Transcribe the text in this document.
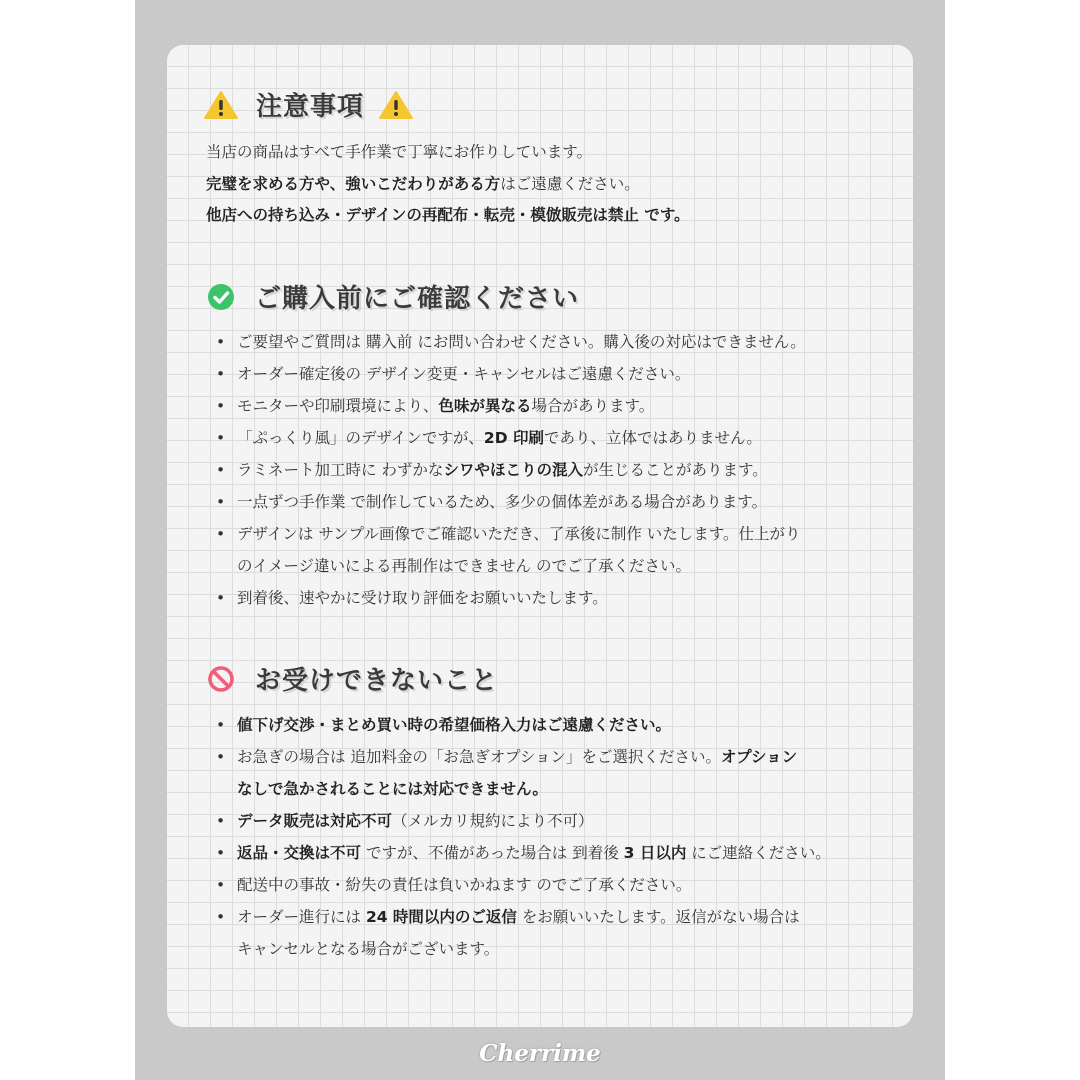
注意事項
当店の商品はすべて手作業で丁寧にお作りしています。
完璧を求める方や、強いこだわりがある方はご遠慮ください。
他店への持ち込み・デザインの再配布・転売・模倣販売は禁止 です。
ご購入前にご確認ください
• ご要望やご質問は 購入前 にお問い合わせください。購入後の対応はできません。
• オーダー確定後の デザイン変更・キャンセルはご遠慮ください。
• モニターや印刷環境により、色味が異なる場合があります。
• 「ぷっくり風」のデザインですが、2D 印刷であり、立体ではありません。
• ラミネート加工時に わずかなシワやほこりの混入が生じることがあります。
• 一点ずつ手作業 で制作しているため、多少の個体差がある場合があります。
• デザインは サンプル画像でご確認いただき、了承後に制作 いたします。仕上がり
のイメージ違いによる再制作はできません のでご了承ください。
• 到着後、速やかに受け取り評価をお願いいたします。
お受けできないこと
• 値下げ交渉・まとめ買い時の希望価格入力はご遠慮ください。
• お急ぎの場合は 追加料金の「お急ぎオプション」をご選択ください。オプション
なしで急かされることには対応できません。
• データ販売は対応不可（メルカリ規約により不可）
• 返品・交換は不可 ですが、不備があった場合は 到着後 3 日以内 にご連絡ください。
• 配送中の事故・紛失の責任は負いかねます のでご了承ください。
• オーダー進行には 24 時間以内のご返信 をお願いいたします。返信がない場合は
キャンセルとなる場合がございます。
Cherrime
